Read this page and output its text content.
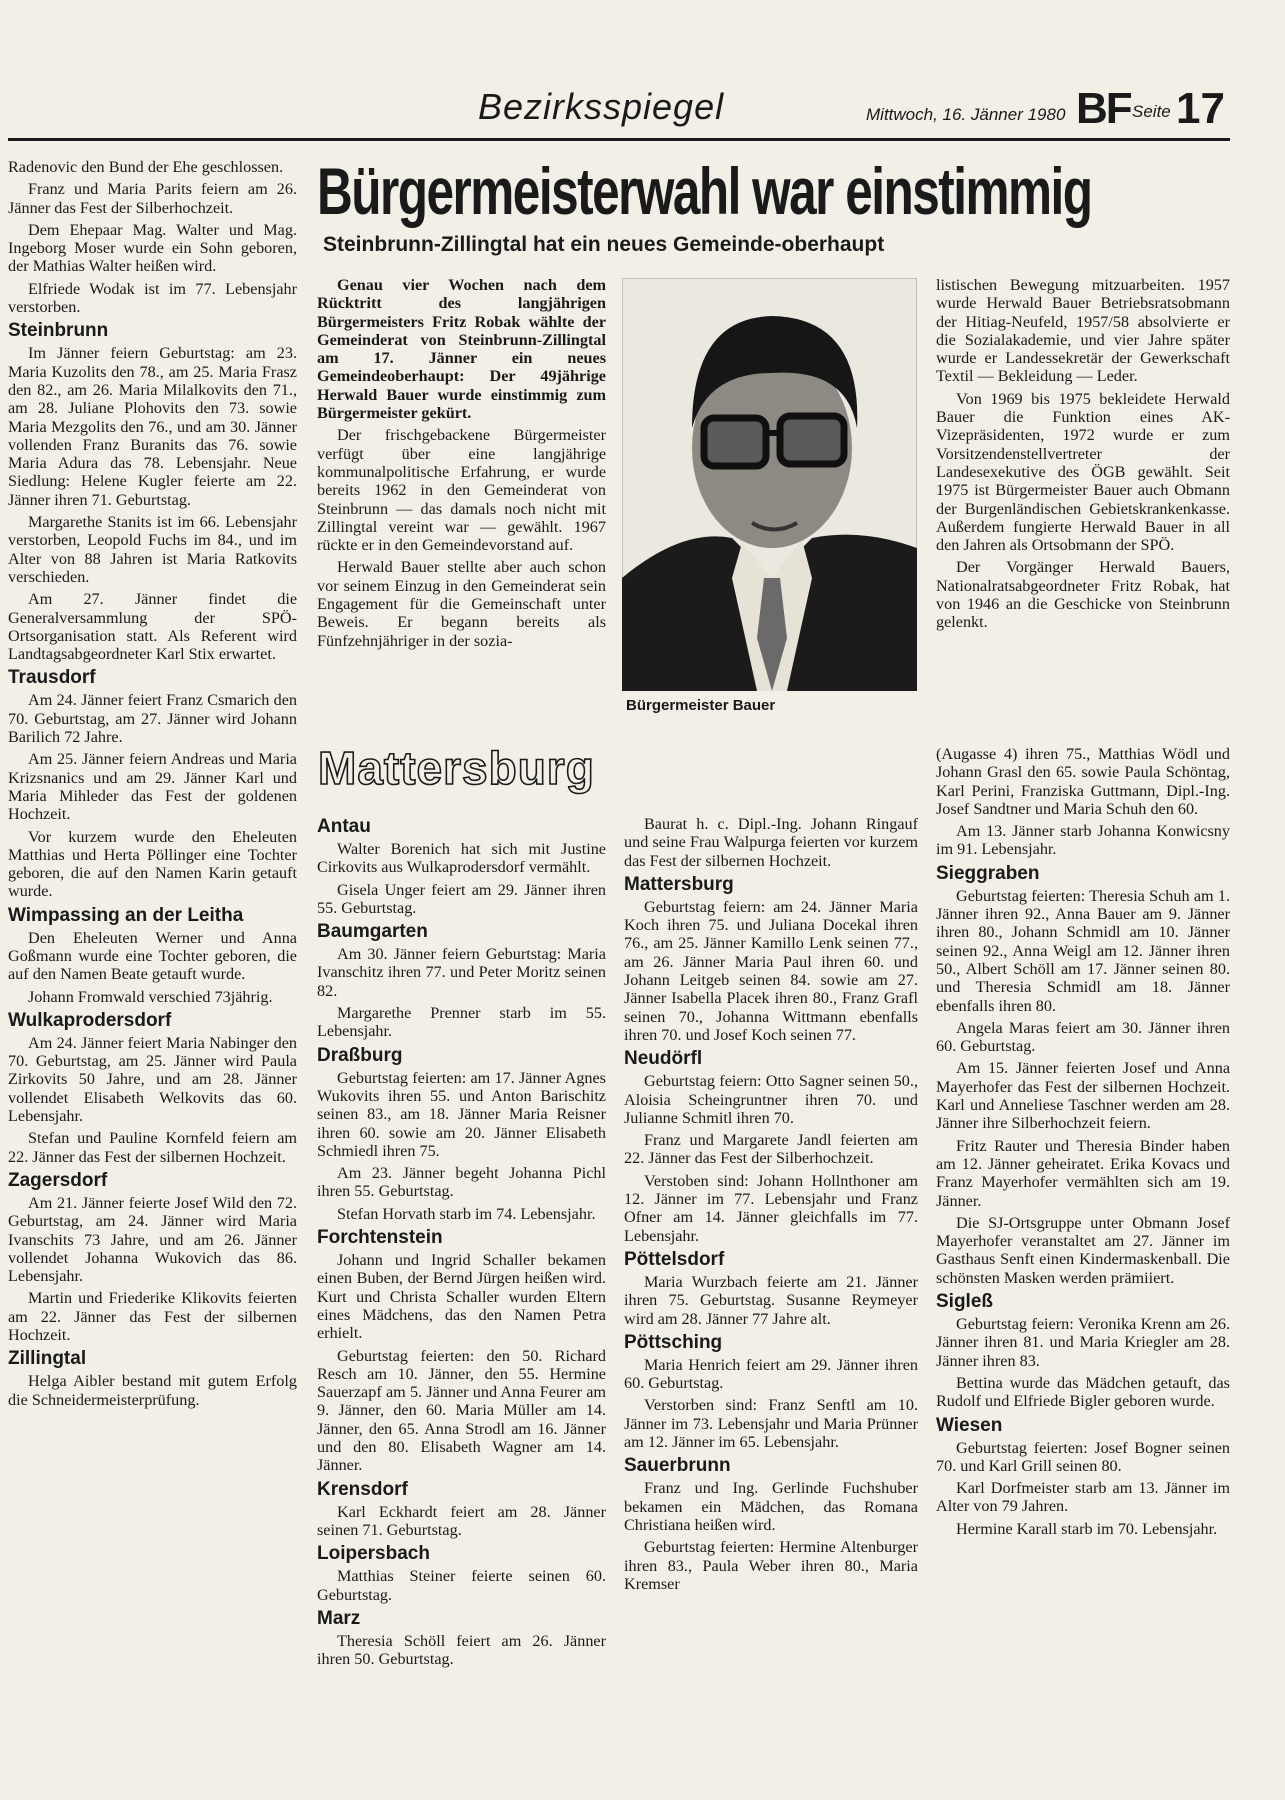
Bezirksspiegel	Mittwoch, 16. Jänner 1980 BF Seite 17

Radenovic den Bund der Ehe geschlossen.

Franz und Maria Parits feiern am 26. Jänner das Fest der Silberhochzeit.

Dem Ehepaar Mag. Walter und Mag. Ingeborg Moser wurde ein Sohn geboren, der Mathias Walter heißen wird.

Elfriede Wodak ist im 77. Lebensjahr verstorben.

Steinbrunn

Im Jänner feiern Geburtstag: am 23. Maria Kuzolits den 78., am 25. Maria Frasz den 82., am 26. Maria Milalkovits den 71., am 28. Juliane Plohovits den 73. sowie Maria Mezgolits den 76., und am 30. Jänner vollenden Franz Buranits das 76. sowie Maria Adura das 78. Lebensjahr. Neue Siedlung: Helene Kugler feierte am 22. Jänner ihren 71. Geburtstag.

Margarethe Stanits ist im 66. Lebensjahr verstorben, Leopold Fuchs im 84., und im Alter von 88 Jahren ist Maria Ratkovits verschieden.

Am 27. Jänner findet die Generalversammlung der SPÖ-Ortsorganisation statt. Als Referent wird Landtagsabgeordneter Karl Stix erwartet.

Trausdorf

Am 24. Jänner feiert Franz Csmarich den 70. Geburtstag, am 27. Jänner wird Johann Barilich 72 Jahre.

Am 25. Jänner feiern Andreas und Maria Krizsnanics und am 29. Jänner Karl und Maria Mihleder das Fest der goldenen Hochzeit.

Vor kurzem wurde den Eheleuten Matthias und Herta Pöllinger eine Tochter geboren, die auf den Namen Karin getauft wurde.

Wimpassing an der Leitha

Den Eheleuten Werner und Anna Goßmann wurde eine Tochter geboren, die auf den Namen Beate getauft wurde.

Johann Fromwald verschied 73jährig.

Wulkaprodersdorf

Am 24. Jänner feiert Maria Nabinger den 70. Geburtstag, am 25. Jänner wird Paula Zirkovits 50 Jahre, und am 28. Jänner vollendet Elisabeth Welkovits das 60. Lebensjahr.

Stefan und Pauline Kornfeld feiern am 22. Jänner das Fest der silbernen Hochzeit.

Zagersdorf

Am 21. Jänner feierte Josef Wild den 72. Geburtstag, am 24. Jänner wird Maria Ivanschits 73 Jahre, und am 26. Jänner vollendet Johanna Wukovich das 86. Lebensjahr.

Martin und Friederike Klikovits feierten am 22. Jänner das Fest der silbernen Hochzeit.

Zillingtal

Helga Aibler bestand mit gutem Erfolg die Schneidermeisterprüfung.

Bürgermeisterwahl war einstimmig
Steinbrunn-Zillingtal hat ein neues Gemeinde-oberhaupt

Genau vier Wochen nach dem Rücktritt des langjährigen Bürgermeisters Fritz Robak wählte der Gemeinderat von Steinbrunn-Zillingtal am 17. Jänner ein neues Gemeindeoberhaupt: Der 49jährige Herwald Bauer wurde einstimmig zum Bürgermeister gekürt.

Der frischgebackene Bürgermeister verfügt über eine langjährige kommunalpolitische Erfahrung, er wurde bereits 1962 in den Gemeinderat von Steinbrunn — das damals noch nicht mit Zillingtal vereint war — gewählt. 1967 rückte er in den Gemeindevorstand auf.

Herwald Bauer stellte aber auch schon vor seinem Einzug in den Gemeinderat sein Engagement für die Gemeinschaft unter Beweis. Er begann bereits als Fünfzehnjähriger in der sozia-

Bürgermeister Bauer

listischen Bewegung mitzuarbeiten. 1957 wurde Herwald Bauer Betriebsratsobmann der Hitiag-Neufeld, 1957/58 absolvierte er die Sozialakademie, und vier Jahre später wurde er Landessekretär der Gewerkschaft Textil — Bekleidung — Leder.

Von 1969 bis 1975 bekleidete Herwald Bauer die Funktion eines AK-Vizepräsidenten, 1972 wurde er zum Vorsitzendenstellvertreter der Landesexekutive des ÖGB gewählt. Seit 1975 ist Bürgermeister Bauer auch Obmann der Burgenländischen Gebietskrankenkasse. Außerdem fungierte Herwald Bauer in all den Jahren als Ortsobmann der SPÖ.

Der Vorgänger Herwald Bauers, Nationalratsabgeordneter Fritz Robak, hat von 1946 an die Geschicke von Steinbrunn gelenkt.

Mattersburg
Antau

Walter Borenich hat sich mit Justine Cirkovits aus Wulkaprodersdorf vermählt.

Gisela Unger feiert am 29. Jänner ihren 55. Geburtstag.

Baumgarten

Am 30. Jänner feiern Geburtstag: Maria Ivanschitz ihren 77. und Peter Moritz seinen 82.

Margarethe Prenner starb im 55. Lebensjahr.

Draßburg

Geburtstag feierten: am 17. Jänner Agnes Wukovits ihren 55. und Anton Barischitz seinen 83., am 18. Jänner Maria Reisner ihren 60. sowie am 20. Jänner Elisabeth Schmiedl ihren 75.

Am 23. Jänner begeht Johanna Pichl ihren 55. Geburtstag.

Stefan Horvath starb im 74. Lebensjahr.

Forchtenstein

Johann und Ingrid Schaller bekamen einen Buben, der Bernd Jürgen heißen wird. Kurt und Christa Schaller wurden Eltern eines Mädchens, das den Namen Petra erhielt.

Geburtstag feierten: den 50. Richard Resch am 10. Jänner, den 55. Hermine Sauerzapf am 5. Jänner und Anna Feurer am 9. Jänner, den 60. Maria Müller am 14. Jänner, den 65. Anna Strodl am 16. Jänner und den 80. Elisabeth Wagner am 14. Jänner.

Krensdorf

Karl Eckhardt feiert am 28. Jänner seinen 71. Geburtstag.

Loipersbach

Matthias Steiner feierte seinen 60. Geburtstag.

Marz

Theresia Schöll feiert am 26. Jänner ihren 50. Geburtstag.

Baurat h. c. Dipl.-Ing. Johann Ringauf und seine Frau Walpurga feierten vor kurzem das Fest der silbernen Hochzeit.

Mattersburg

Geburtstag feiern: am 24. Jänner Maria Koch ihren 75. und Juliana Docekal ihren 76., am 25. Jänner Kamillo Lenk seinen 77., am 26. Jänner Maria Paul ihren 60. und Johann Leitgeb seinen 84. sowie am 27. Jänner Isabella Placek ihren 80., Franz Grafl seinen 70., Johanna Wittmann ebenfalls ihren 70. und Josef Koch seinen 77.

Neudörfl

Geburtstag feiern: Otto Sagner seinen 50., Aloisia Scheingruntner ihren 70. und Julianne Schmitl ihren 70.

Franz und Margarete Jandl feierten am 22. Jänner das Fest der Silberhochzeit.

Verstoben sind: Johann Hollnthoner am 12. Jänner im 77. Lebensjahr und Franz Ofner am 14. Jänner gleichfalls im 77. Lebensjahr.

Pöttelsdorf

Maria Wurzbach feierte am 21. Jänner ihren 75. Geburtstag. Susanne Reymeyer wird am 28. Jänner 77 Jahre alt.

Pöttsching

Maria Henrich feiert am 29. Jänner ihren 60. Geburtstag.

Verstorben sind: Franz Senftl am 10. Jänner im 73. Lebensjahr und Maria Prünner am 12. Jänner im 65. Lebensjahr.

Sauerbrunn

Franz und Ing. Gerlinde Fuchshuber bekamen ein Mädchen, das Romana Christiana heißen wird.

Geburtstag feierten: Hermine Altenburger ihren 83., Paula Weber ihren 80., Maria Kremser

(Augasse 4) ihren 75., Matthias Wödl und Johann Grasl den 65. sowie Paula Schöntag, Karl Perini, Franziska Guttmann, Dipl.-Ing. Josef Sandtner und Maria Schuh den 60.

Am 13. Jänner starb Johanna Konwicsny im 91. Lebensjahr.

Sieggraben

Geburtstag feierten: Theresia Schuh am 1. Jänner ihren 92., Anna Bauer am 9. Jänner ihren 80., Johann Schmidl am 10. Jänner seinen 92., Anna Weigl am 12. Jänner ihren 50., Albert Schöll am 17. Jänner seinen 80. und Theresia Schmidl am 18. Jänner ebenfalls ihren 80.

Angela Maras feiert am 30. Jänner ihren 60. Geburtstag.

Am 15. Jänner feierten Josef und Anna Mayerhofer das Fest der silbernen Hochzeit. Karl und Anneliese Taschner werden am 28. Jänner ihre Silberhochzeit feiern.

Fritz Rauter und Theresia Binder haben am 12. Jänner geheiratet. Erika Kovacs und Franz Mayerhofer vermählten sich am 19. Jänner.

Die SJ-Ortsgruppe unter Obmann Josef Mayerhofer veranstaltet am 27. Jänner im Gasthaus Senft einen Kindermaskenball. Die schönsten Masken werden prämiiert.

Sigleß

Geburtstag feiern: Veronika Krenn am 26. Jänner ihren 81. und Maria Kriegler am 28. Jänner ihren 83.

Bettina wurde das Mädchen getauft, das Rudolf und Elfriede Bigler geboren wurde.

Wiesen

Geburtstag feierten: Josef Bogner seinen 70. und Karl Grill seinen 80.

Karl Dorfmeister starb am 13. Jänner im Alter von 79 Jahren.

Hermine Karall starb im 70. Lebensjahr.
